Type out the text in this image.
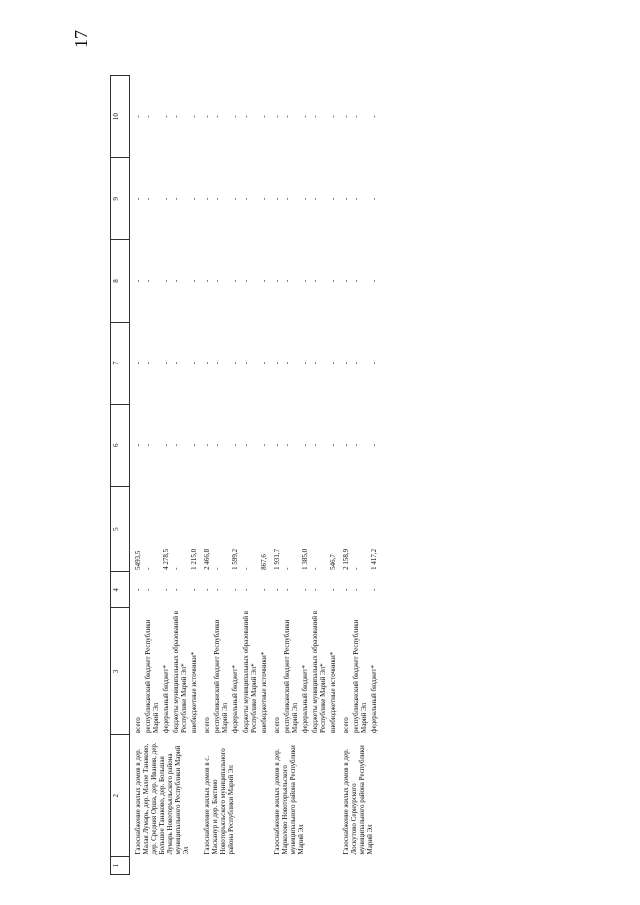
17
1	2	3	4	5	6	7	8	9	10
	Газоснабжение жилых домов в дер. Малая Лумарь, дер. Малое Танаково, дер. Средняя Орша, дер. Ивания, дер. Большое Танаково, дер. Большая Лумарь Новоторъяльского района муниципального Республики Марий Эл	всего	-	5493,5	-	-	-	-	-
		республиканский бюджет Республики Марий Эл	-	-	-	-	-	-	-
		федеральный бюджет*	-	4 278,5	-	-	-	-	-
		бюджеты муниципальных образований в Республике Марий Эл*	-	-	-	-	-	-	-
		внебюджетные источники*	-	1 215,0	-	-	-	-	-
	Газоснабжение жилых домов в с. Масканур и дер. Бактино Новоторъяльского муниципального района Республики Марий Эл	всего	-	2 466,8	-	-	-	-	-
		республиканский бюджет Республики Марий Эл	-	-	-	-	-	-	-
		федеральный бюджет*	-	1 599,2	-	-	-	-	-
		бюджеты муниципальных образований в Республике Марий Эл*	-	-	-	-	-	-	-
		внебюджетные источники*	-	867,6	-	-	-	-	-
	Газоснабжение жилых домов в дер. Марколово Новоторъяльского муниципального района Республики Марий Эл	всего	-	1 931,7	-	-	-	-	-
		республиканский бюджет Республики Марий Эл	-	-	-	-	-	-	-
		федеральный бюджет*	-	1 385,0	-	-	-	-	-
		бюджеты муниципальных образований в Республике Марий Эл*	-	-	-	-	-	-	-
		внебюджетные источники*	-	546,7	-	-	-	-	-
	Газоснабжение жилых домов в дер. Лоскутово Сернурского муниципального района Республики Марий Эл	всего	-	2 158,9	-	-	-	-	-
		республиканский бюджет Республики Марий Эл	-	-	-	-	-	-	-
		федеральный бюджет*	-	1 417,2	-	-	-	-	-
